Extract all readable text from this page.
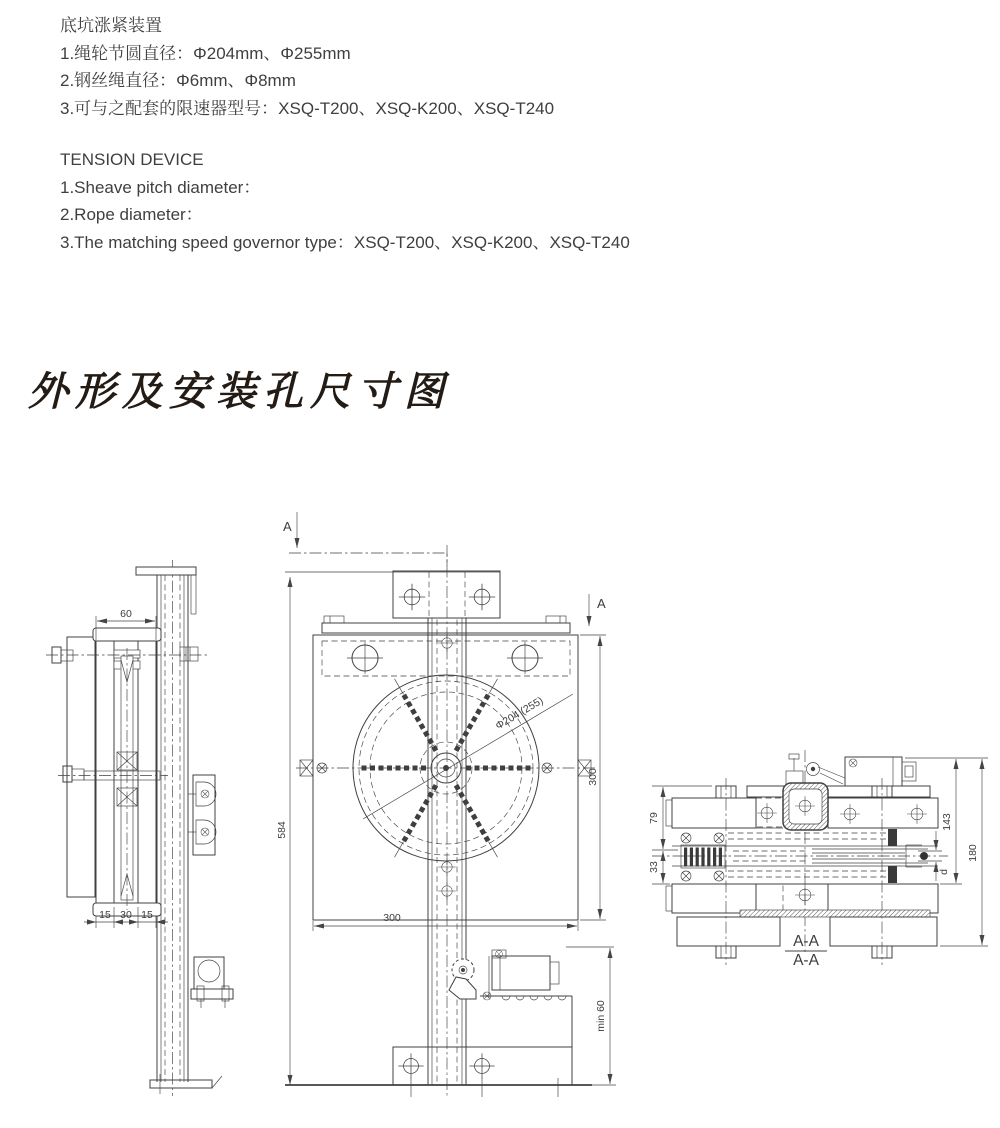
60
15 30 15
Φ204 (255)
A
A
584
300
300
min 60
79
33
143
180
d
A-A
A-A
底坑涨紧装置
1.绳轮节圆直径：Φ204mm、Φ255mm
2.钢丝绳直径：Φ6mm、Φ8mm
3.可与之配套的限速器型号：XSQ-T200、XSQ-K200、XSQ-T240
TENSION DEVICE
1.Sheave pitch diameter：
2.Rope diameter：
3.The matching speed governor type：XSQ-T200、XSQ-K200、XSQ-T240
外形及安装孔尺寸图
